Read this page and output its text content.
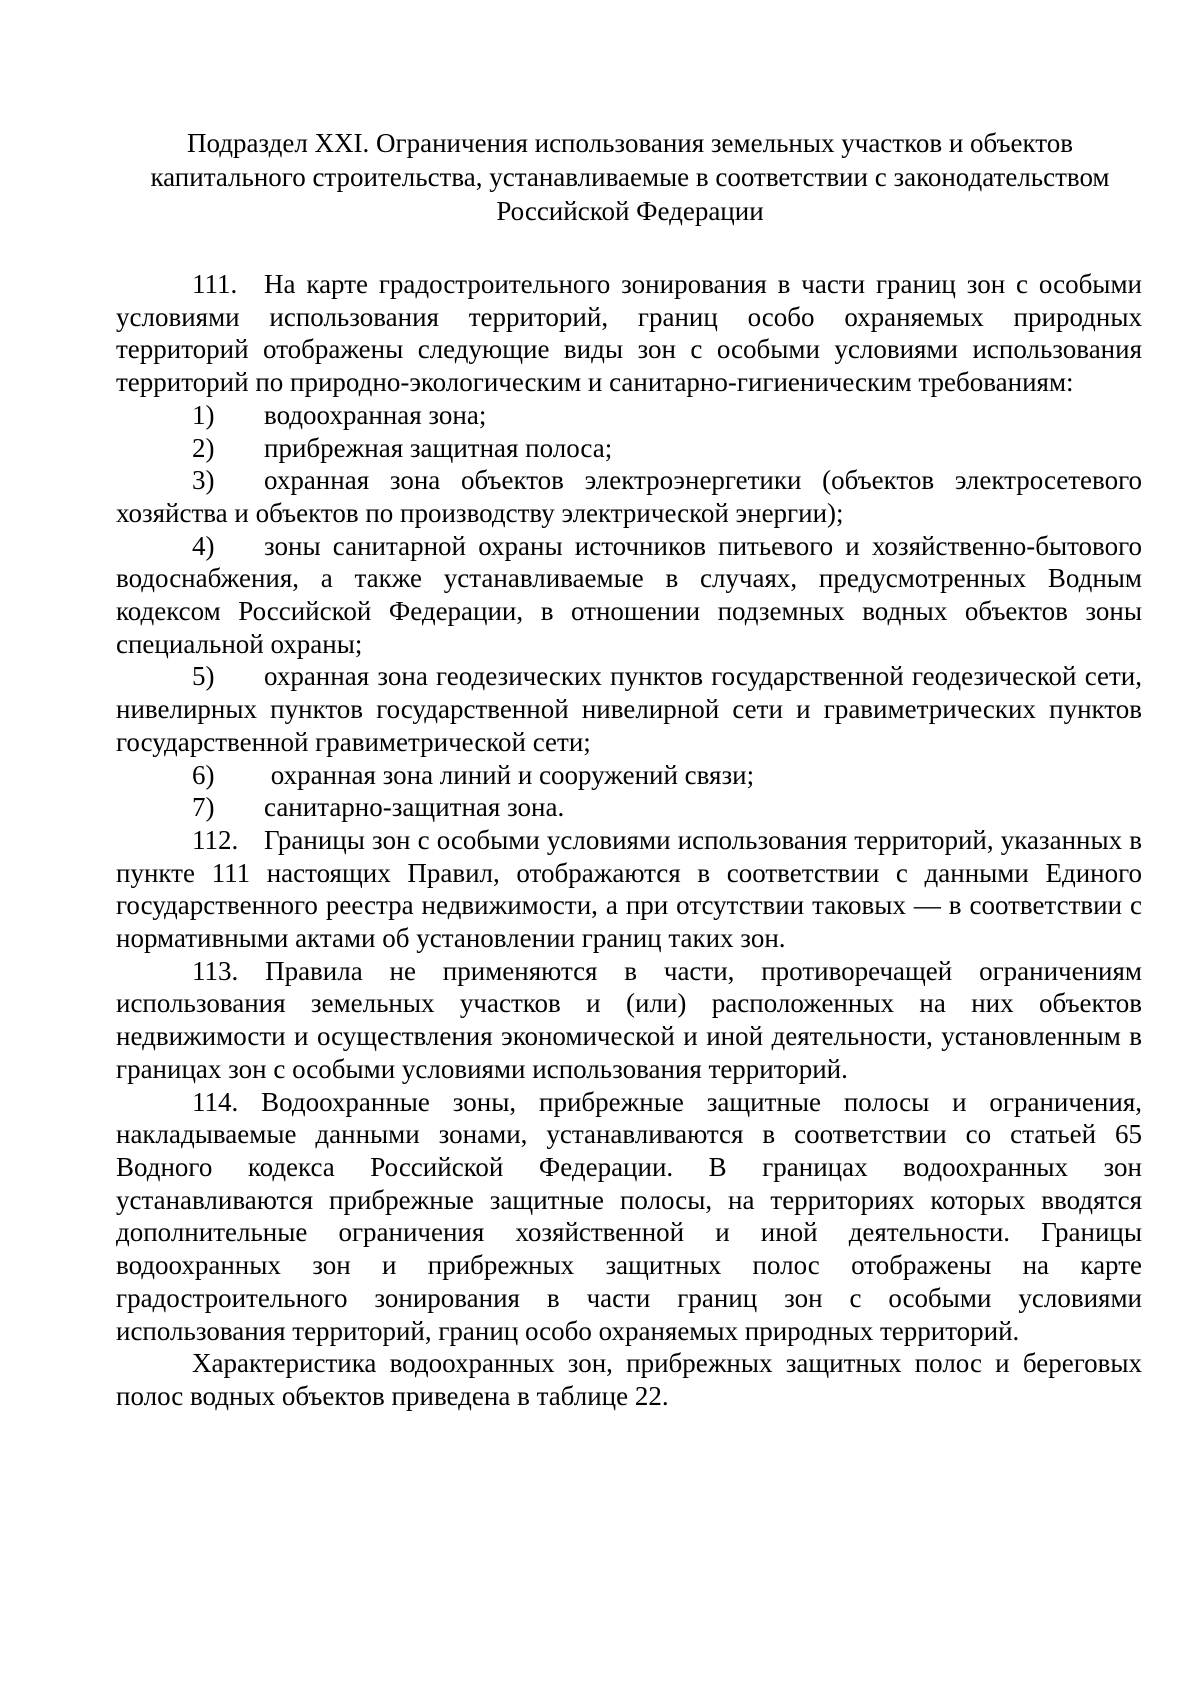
Подраздел XXI. Ограничения использования земельных участков и объектов
капитального строительства, устанавливаемые в соответствии с законодательством
Российской Федерации

111. На карте градостроительного зонирования в части границ зон с особыми условиями использования территорий, границ особо охраняемых природных территорий отображены следующие виды зон с особыми условиями использования территорий по природно-экологическим и санитарно-гигиеническим требованиям:

1) водоохранная зона;

2) прибрежная защитная полоса;

3) охранная зона объектов электроэнергетики (объектов электросетевого хозяйства и объектов по производству электрической энергии);

4) зоны санитарной охраны источников питьевого и хозяйственно-бытового водоснабжения, а также устанавливаемые в случаях, предусмотренных Водным кодексом Российской Федерации, в отношении подземных водных объектов зоны специальной охраны;

5) охранная зона геодезических пунктов государственной геодезической сети, нивелирных пунктов государственной нивелирной сети и гравиметрических пунктов государственной гравиметрической сети;

6) охранная зона линий и сооружений связи;

7) санитарно-защитная зона.

112. Границы зон с особыми условиями использования территорий, указанных в пункте 111 настоящих Правил, отображаются в соответствии с данными Единого государственного реестра недвижимости, а при отсутствии таковых — в соответствии с нормативными актами об установлении границ таких зон.

113. Правила не применяются в части, противоречащей ограничениям использования земельных участков и (или) расположенных на них объектов недвижимости и осуществления экономической и иной деятельности, установленным в границах зон с особыми условиями использования территорий.

114. Водоохранные зоны, прибрежные защитные полосы и ограничения, накладываемые данными зонами, устанавливаются в соответствии со статьей 65 Водного кодекса Российской Федерации. В границах водоохранных зон устанавливаются прибрежные защитные полосы, на территориях которых вводятся дополнительные ограничения хозяйственной и иной деятельности. Границы водоохранных зон и прибрежных защитных полос отображены на карте градостроительного зонирования в части границ зон с особыми условиями использования территорий, границ особо охраняемых природных территорий.

Характеристика водоохранных зон, прибрежных защитных полос и береговых полос водных объектов приведена в таблице 22.
